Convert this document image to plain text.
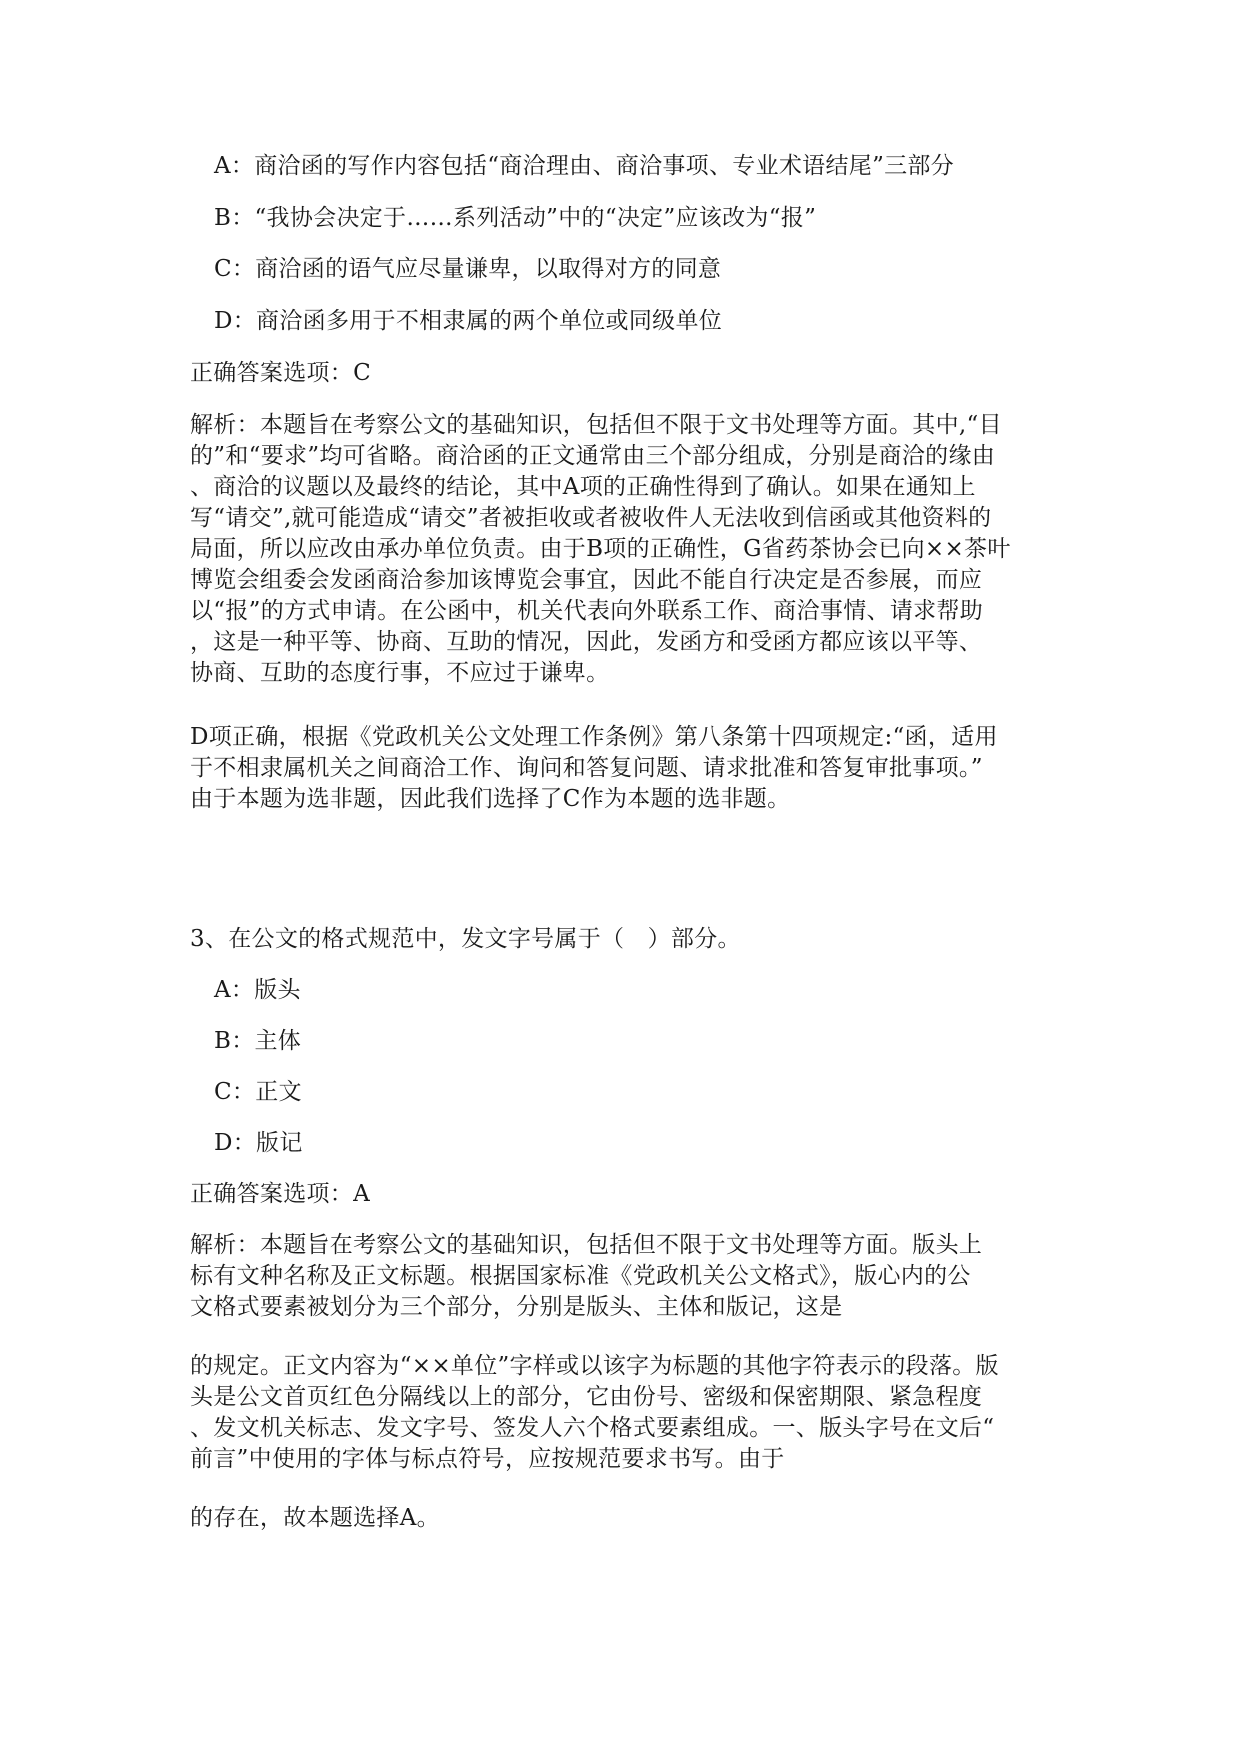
A：商洽函的写作内容包括“商洽理由、商洽事项、专业术语结尾”三部分
B：“我协会决定于……系列活动”中的“决定”应该改为“报”
C：商洽函的语气应尽量谦卑，以取得对方的同意
D：商洽函多用于不相隶属的两个单位或同级单位
正确答案选项：C
解析：本题旨在考察公文的基础知识，包括但不限于文书处理等方面。其中,“目
的”和“要求”均可省略。商洽函的正文通常由三个部分组成，分别是商洽的缘由
、商洽的议题以及最终的结论，其中A项的正确性得到了确认。如果在通知上
写“请交”,就可能造成“请交”者被拒收或者被收件人无法收到信函或其他资料的
局面，所以应改由承办单位负责。由于B项的正确性，G省药茶协会已向××茶叶
博览会组委会发函商洽参加该博览会事宜，因此不能自行决定是否参展，而应
以“报”的方式申请。在公函中，机关代表向外联系工作、商洽事情、请求帮助
，这是一种平等、协商、互助的情况，因此，发函方和受函方都应该以平等、
协商、互助的态度行事，不应过于谦卑。
D项正确，根据《党政机关公文处理工作条例》第八条第十四项规定:“函，适用
于不相隶属机关之间商洽工作、询问和答复问题、请求批准和答复审批事项。”
由于本题为选非题，因此我们选择了C作为本题的选非题。
3、在公文的格式规范中，发文字号属于（　）部分。
A：版头
B：主体
C：正文
D：版记
正确答案选项：A
解析：本题旨在考察公文的基础知识，包括但不限于文书处理等方面。版头上
标有文种名称及正文标题。根据国家标准《党政机关公文格式》，版心内的公
文格式要素被划分为三个部分，分别是版头、主体和版记，这是
的规定。正文内容为“××单位”字样或以该字为标题的其他字符表示的段落。版
头是公文首页红色分隔线以上的部分，它由份号、密级和保密期限、紧急程度
、发文机关标志、发文字号、签发人六个格式要素组成。一、版头字号在文后“
前言”中使用的字体与标点符号，应按规范要求书写。由于
的存在，故本题选择A。
